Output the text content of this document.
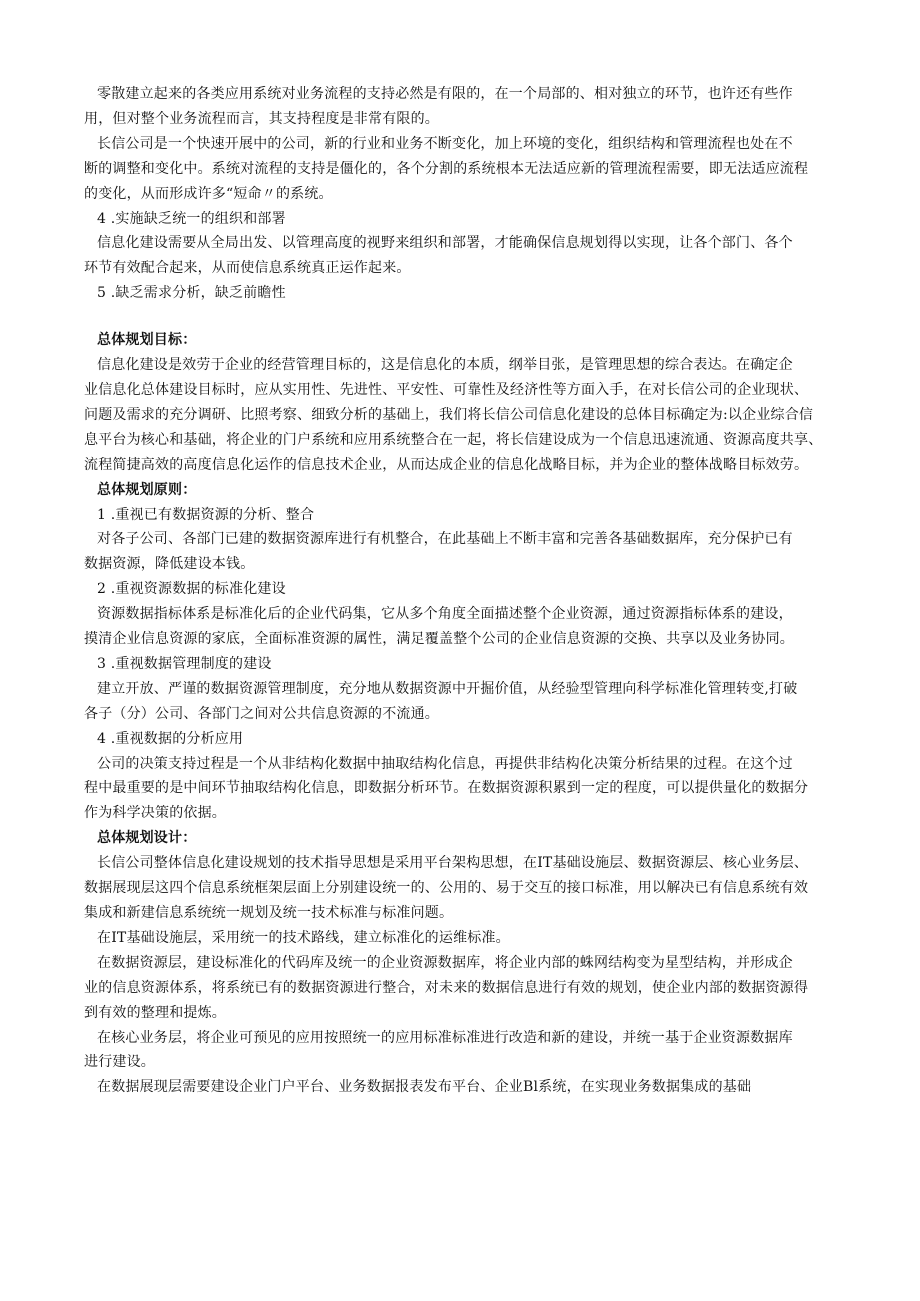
零散建立起来的各类应用系统对业务流程的支持必然是有限的，在一个局部的、相对独立的环节，也许还有些作
用，但对整个业务流程而言，其支持程度是非常有限的。
长信公司是一个快速开展中的公司，新的行业和业务不断变化，加上环境的变化，组织结构和管理流程也处在不
断的调整和变化中。系统对流程的支持是僵化的，各个分割的系统根本无法适应新的管理流程需要，即无法适应流程
的变化，从而形成许多“短命〃的系统。
4 .实施缺乏统一的组织和部署
信息化建设需要从全局出发、以管理高度的视野来组织和部署，才能确保信息规划得以实现，让各个部门、各个
环节有效配合起来，从而使信息系统真正运作起来。
5 .缺乏需求分析，缺乏前瞻性
总体规划目标：
信息化建设是效劳于企业的经营管理目标的，这是信息化的本质，纲举目张，是管理思想的综合表达。在确定企
业信息化总体建设目标时，应从实用性、先进性、平安性、可靠性及经济性等方面入手，在对长信公司的企业现状、
问题及需求的充分调研、比照考察、细致分析的基础上，我们将长信公司信息化建设的总体目标确定为:以企业综合信
息平台为核心和基础，将企业的门户系统和应用系统整合在一起，将长信建设成为一个信息迅速流通、资源高度共享、
流程简捷高效的高度信息化运作的信息技术企业，从而达成企业的信息化战略目标，并为企业的整体战略目标效劳。
总体规划原则：
1 .重视已有数据资源的分析、整合
对各子公司、各部门已建的数据资源库进行有机整合，在此基础上不断丰富和完善各基础数据库，充分保护已有
数据资源，降低建设本钱。
2 .重视资源数据的标准化建设
资源数据指标体系是标准化后的企业代码集，它从多个角度全面描述整个企业资源，通过资源指标体系的建设，
摸清企业信息资源的家底，全面标准资源的属性，满足覆盖整个公司的企业信息资源的交换、共享以及业务协同。
3 .重视数据管理制度的建设
建立开放、严谨的数据资源管理制度，充分地从数据资源中开掘价值，从经验型管理向科学标准化管理转变,打破
各子（分）公司、各部门之间对公共信息资源的不流通。
4 .重视数据的分析应用
公司的决策支持过程是一个从非结构化数据中抽取结构化信息，再提供非结构化决策分析结果的过程。在这个过
程中最重要的是中间环节抽取结构化信息，即数据分析环节。在数据资源积累到一定的程度，可以提供量化的数据分
作为科学决策的依据。
总体规划设计：
长信公司整体信息化建设规划的技术指导思想是采用平台架构思想，在IT基础设施层、数据资源层、核心业务层、
数据展现层这四个信息系统框架层面上分别建设统一的、公用的、易于交互的接口标准，用以解决已有信息系统有效
集成和新建信息系统统一规划及统一技术标准与标准问题。
在IT基础设施层，采用统一的技术路线，建立标准化的运维标准。
在数据资源层，建设标准化的代码库及统一的企业资源数据库，将企业内部的蛛网结构变为星型结构，并形成企
业的信息资源体系，将系统已有的数据资源进行整合，对未来的数据信息进行有效的规划，使企业内部的数据资源得
到有效的整理和提炼。
在核心业务层，将企业可预见的应用按照统一的应用标准标准进行改造和新的建设，并统一基于企业资源数据库
进行建设。
在数据展现层需要建设企业门户平台、业务数据报表发布平台、企业Bl系统，在实现业务数据集成的基础
